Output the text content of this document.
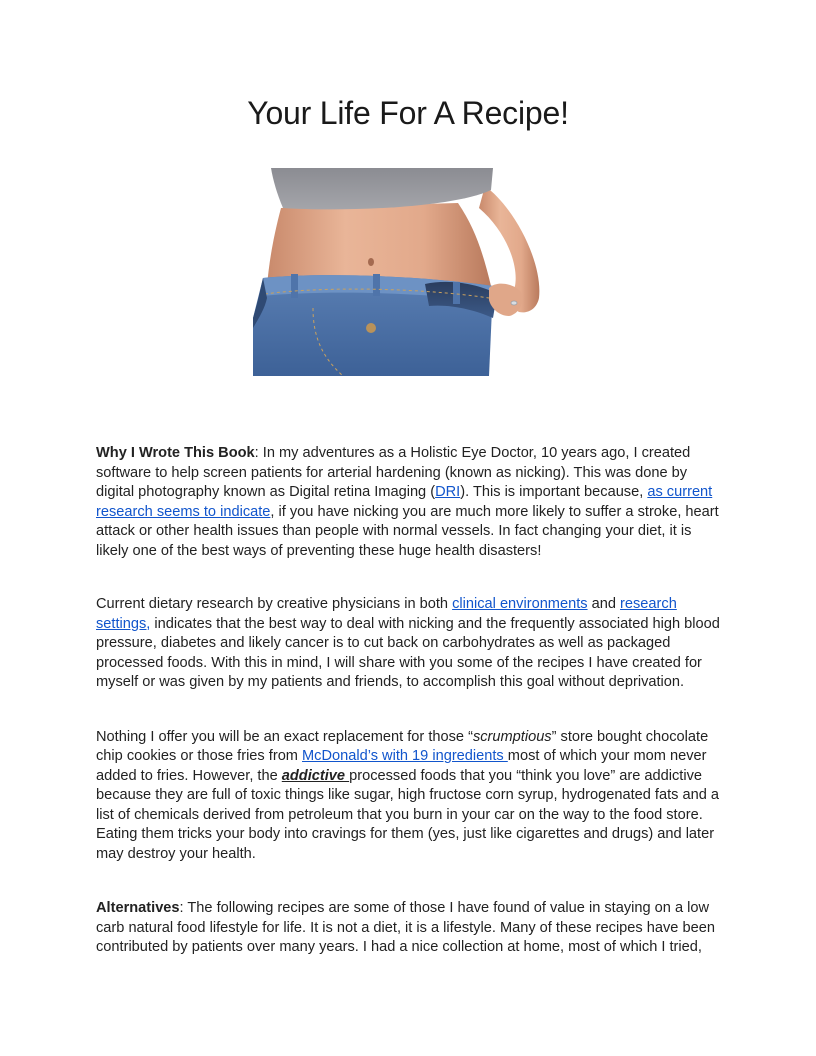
Your Life For A Recipe!

Why I Wrote This Book: In my adventures as a Holistic Eye Doctor, 10 years ago, I created software to help screen patients for arterial hardening (known as nicking). This was done by digital photography known as Digital retina Imaging (DRI). This is important because, as current research seems to indicate, if you have nicking you are much more likely to suffer a stroke, heart attack or other health issues than people with normal vessels. In fact changing your diet, it is likely one of the best ways of preventing these huge health disasters!

Current dietary research by creative physicians in both clinical environments and research settings, indicates that the best way to deal with nicking and the frequently associated high blood pressure, diabetes and likely cancer is to cut back on carbohydrates as well as packaged processed foods. With this in mind, I will share with you some of the recipes I have created for myself or was given by my patients and friends, to accomplish this goal without deprivation.

Nothing I offer you will be an exact replacement for those “scrumptious” store bought chocolate chip cookies or those fries from McDonald’s with 19 ingredients most of which your mom never added to fries. However, the addictive processed foods that you “think you love” are addictive because they are full of toxic things like sugar, high fructose corn syrup, hydrogenated fats and a list of chemicals derived from petroleum that you burn in your car on the way to the food store. Eating them tricks your body into cravings for them (yes, just like cigarettes and drugs) and later may destroy your health.

Alternatives: The following recipes are some of those I have found of value in staying on a low carb natural food lifestyle for life. It is not a diet, it is a lifestyle. Many of these recipes have been contributed by patients over many years. I had a nice collection at home, most of which I tried,
